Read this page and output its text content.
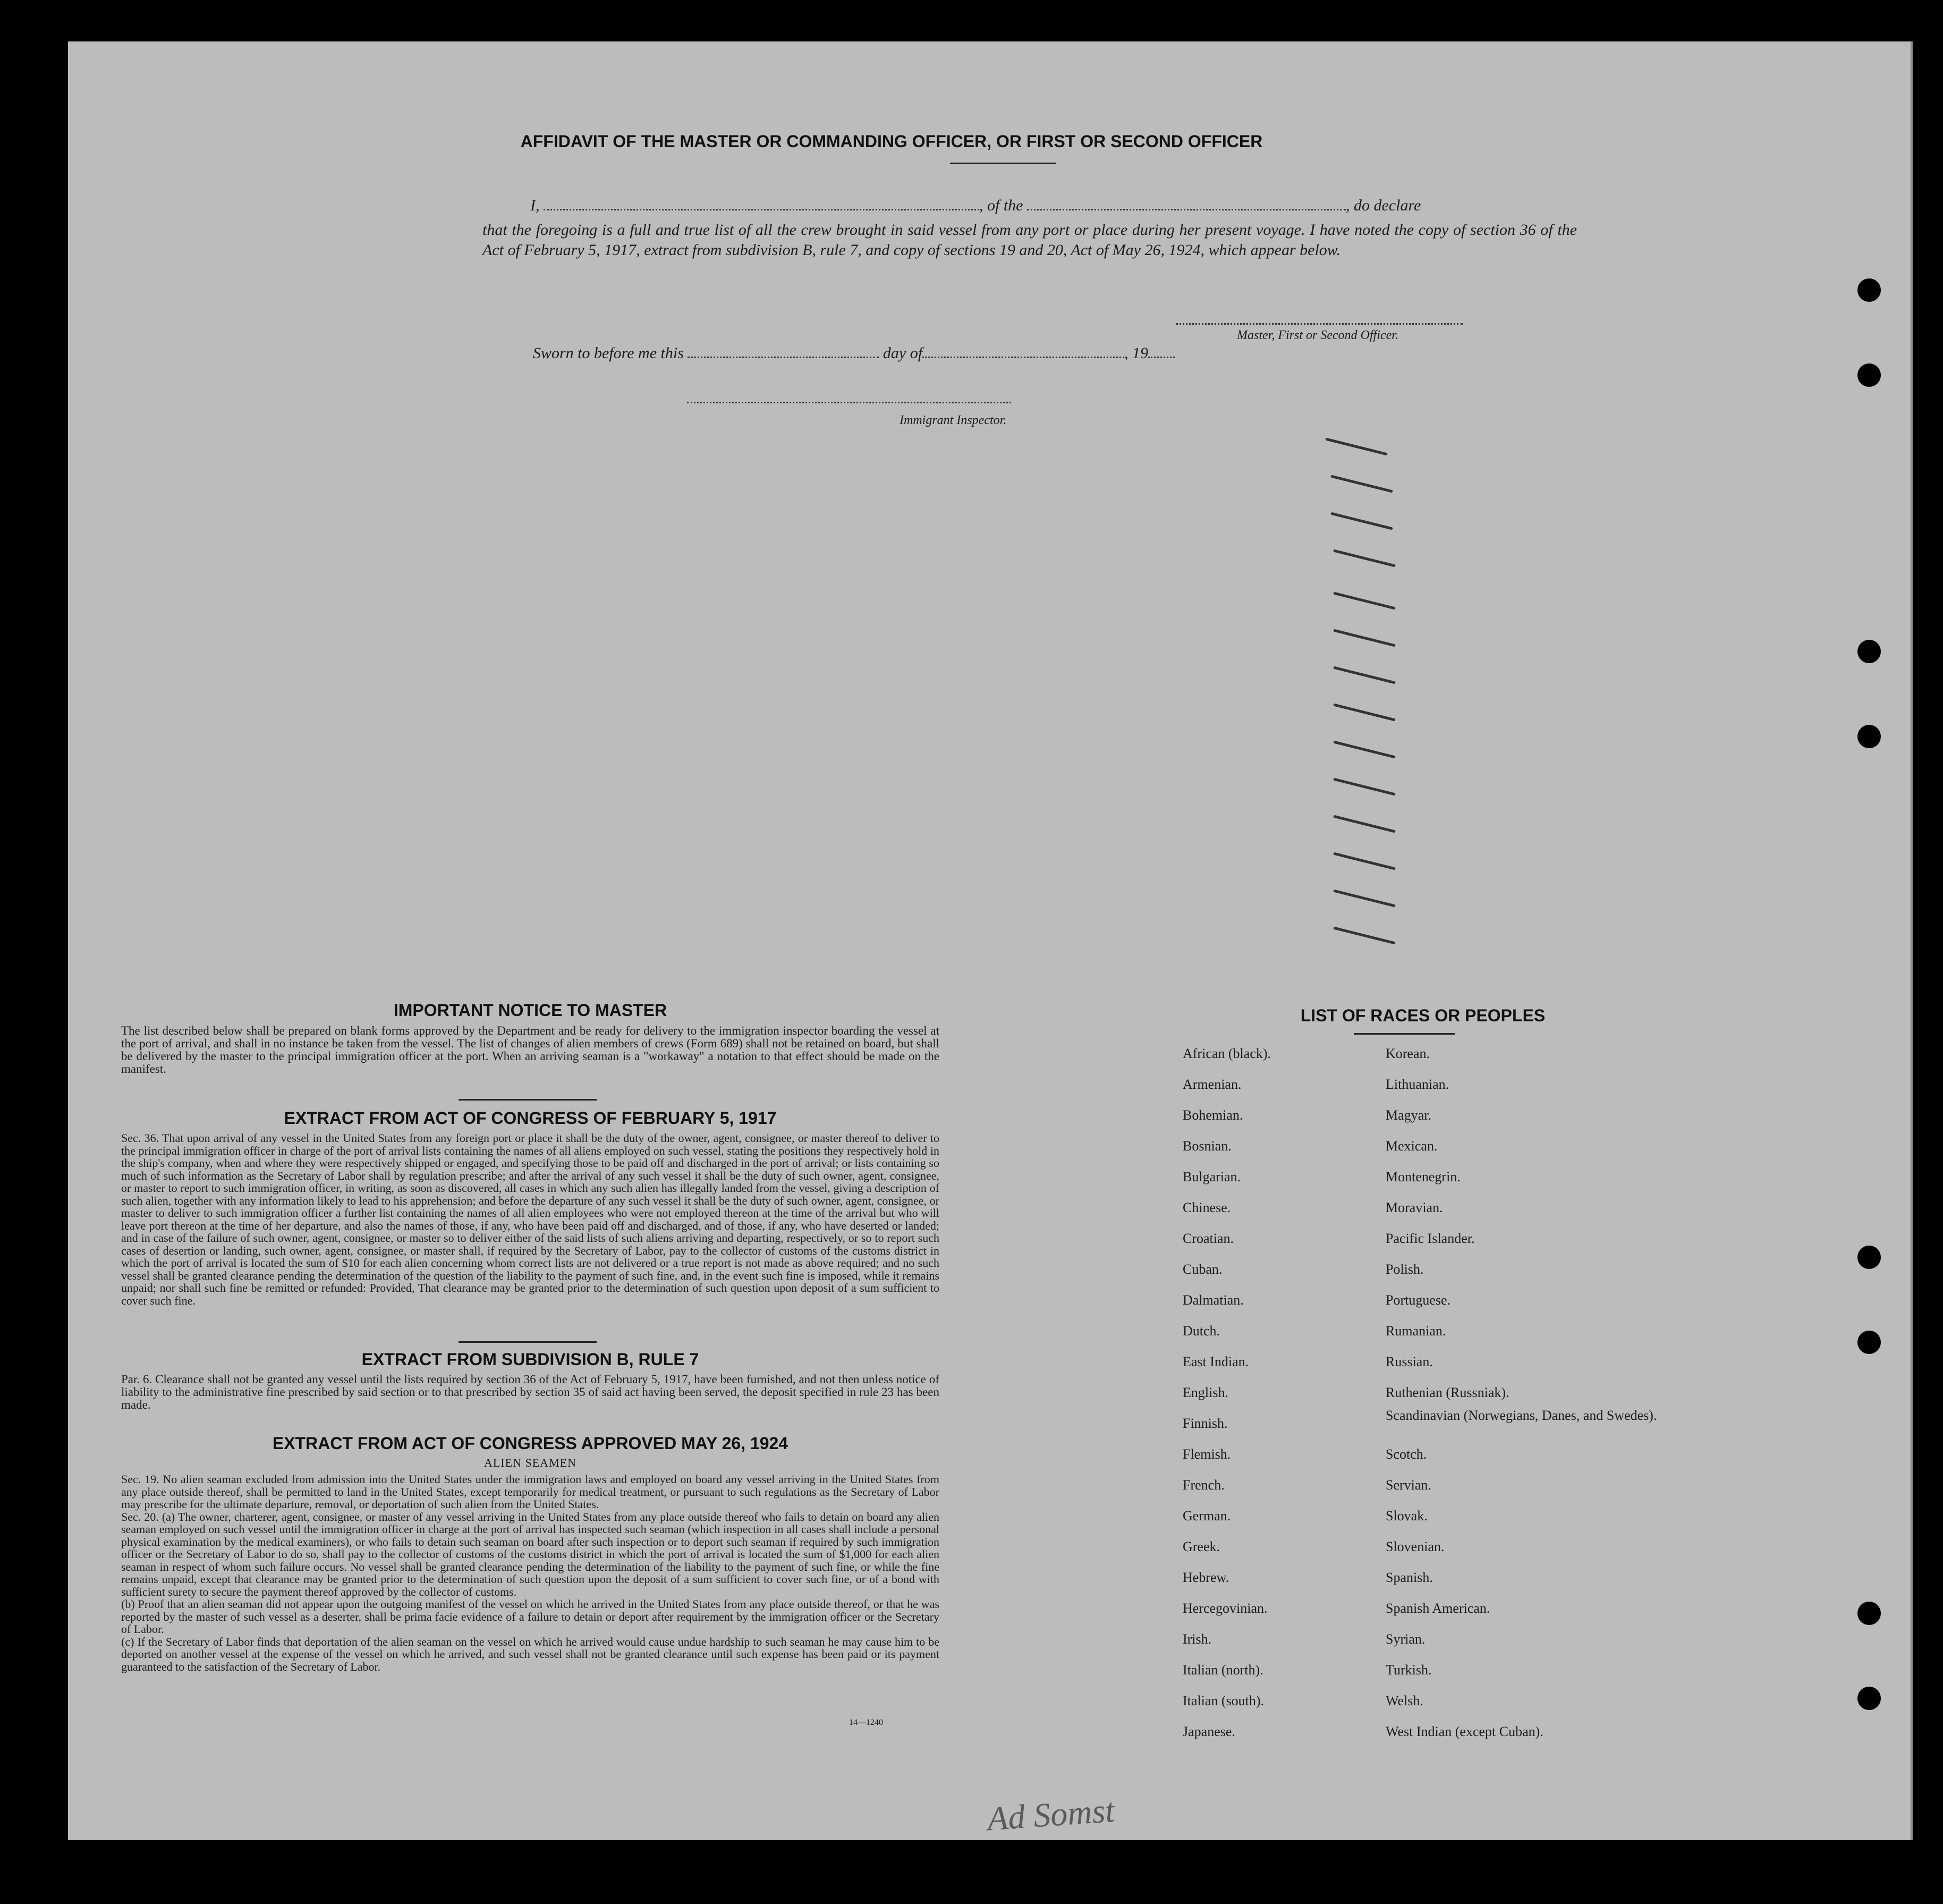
AFFIDAVIT OF THE MASTER OR COMMANDING OFFICER, OR FIRST OR SECOND OFFICER
I,	, of the	, do declare
that the foregoing is a full and true list of all the crew brought in said vessel from any port or place during her present voyage. I have noted the copy of section 36 of the Act of February 5, 1917, extract from subdivision B, rule 7, and copy of sections 19 and 20, Act of May 26, 1924, which appear below.
Master, First or Second Officer.
Sworn to before me this	day of	, 19
Immigrant Inspector.
IMPORTANT NOTICE TO MASTER
The list described below shall be prepared on blank forms approved by the Department and be ready for delivery to the immigration inspector boarding the vessel at the port of arrival, and shall in no instance be taken from the vessel. The list of changes of alien members of crews (Form 689) shall not be retained on board, but shall be delivered by the master to the principal immigration officer at the port. When an arriving seaman is a "workaway" a notation to that effect should be made on the manifest.
EXTRACT FROM ACT OF CONGRESS OF FEBRUARY 5, 1917
Sec. 36. That upon arrival of any vessel in the United States from any foreign port or place it shall be the duty of the owner, agent, consignee, or master thereof to deliver to the principal immigration officer in charge of the port of arrival lists containing the names of all aliens employed on such vessel, stating the positions they respectively hold in the ship's company, when and where they were respectively shipped or engaged, and specifying those to be paid off and discharged in the port of arrival; or lists containing so much of such information as the Secretary of Labor shall by regulation prescribe; and after the arrival of any such vessel it shall be the duty of such owner, agent, consignee, or master to report to such immigration officer, in writing, as soon as discovered, all cases in which any such alien has illegally landed from the vessel, giving a description of such alien, together with any information likely to lead to his apprehension; and before the departure of any such vessel it shall be the duty of such owner, agent, consignee, or master to deliver to such immigration officer a further list containing the names of all alien employees who were not employed thereon at the time of the arrival but who will leave port thereon at the time of her departure, and also the names of those, if any, who have been paid off and discharged, and of those, if any, who have deserted or landed; and in case of the failure of such owner, agent, consignee, or master so to deliver either of the said lists of such aliens arriving and departing, respectively, or so to report such cases of desertion or landing, such owner, agent, consignee, or master shall, if required by the Secretary of Labor, pay to the collector of customs of the customs district in which the port of arrival is located the sum of $10 for each alien concerning whom correct lists are not delivered or a true report is not made as above required; and no such vessel shall be granted clearance pending the determination of the question of the liability to the payment of such fine, and, in the event such fine is imposed, while it remains unpaid; nor shall such fine be remitted or refunded: Provided, That clearance may be granted prior to the determination of such question upon deposit of a sum sufficient to cover such fine.
EXTRACT FROM SUBDIVISION B, RULE 7
Par. 6. Clearance shall not be granted any vessel until the lists required by section 36 of the Act of February 5, 1917, have been furnished, and not then unless notice of liability to the administrative fine prescribed by said section or to that prescribed by section 35 of said act having been served, the deposit specified in rule 23 has been made.
EXTRACT FROM ACT OF CONGRESS APPROVED MAY 26, 1924
ALIEN SEAMEN
Sec. 19. No alien seaman excluded from admission into the United States under the immigration laws and employed on board any vessel arriving in the United States from any place outside thereof, shall be permitted to land in the United States, except temporarily for medical treatment, or pursuant to such regulations as the Secretary of Labor may prescribe for the ultimate departure, removal, or deportation of such alien from the United States.
Sec. 20. (a) The owner, charterer, agent, consignee, or master of any vessel arriving in the United States from any place outside thereof who fails to detain on board any alien seaman employed on such vessel until the immigration officer in charge at the port of arrival has inspected such seaman (which inspection in all cases shall include a personal physical examination by the medical examiners), or who fails to detain such seaman on board after such inspection or to deport such seaman if required by such immigration officer or the Secretary of Labor to do so, shall pay to the collector of customs of the customs district in which the port of arrival is located the sum of $1,000 for each alien seaman in respect of whom such failure occurs. No vessel shall be granted clearance pending the determination of the liability to the payment of such fine, or while the fine remains unpaid, except that clearance may be granted prior to the determination of such question upon the deposit of a sum sufficient to cover such fine, or of a bond with sufficient surety to secure the payment thereof approved by the collector of customs.
(b) Proof that an alien seaman did not appear upon the outgoing manifest of the vessel on which he arrived in the United States from any place outside thereof, or that he was reported by the master of such vessel as a deserter, shall be prima facie evidence of a failure to detain or deport after requirement by the immigration officer or the Secretary of Labor.
(c) If the Secretary of Labor finds that deportation of the alien seaman on the vessel on which he arrived would cause undue hardship to such seaman he may cause him to be deported on another vessel at the expense of the vessel on which he arrived, and such vessel shall not be granted clearance until such expense has been paid or its payment guaranteed to the satisfaction of the Secretary of Labor.
14—1240
LIST OF RACES OR PEOPLES
African (black).
Armenian.
Bohemian.
Bosnian.
Bulgarian.
Chinese.
Croatian.
Cuban.
Dalmatian.
Dutch.
East Indian.
English.
Finnish.
Flemish.
French.
German.
Greek.
Hebrew.
Hercegovinian.
Irish.
Italian (north).
Italian (south).
Japanese.
Korean.
Lithuanian.
Magyar.
Mexican.
Montenegrin.
Moravian.
Pacific Islander.
Polish.
Portuguese.
Rumanian.
Russian.
Ruthenian (Russniak).
Scandinavian (Norwegians, Danes, and Swedes).
Scotch.
Servian.
Slovak.
Slovenian.
Spanish.
Spanish American.
Syrian.
Turkish.
Welsh.
West Indian (except Cuban).
Ad Somst
